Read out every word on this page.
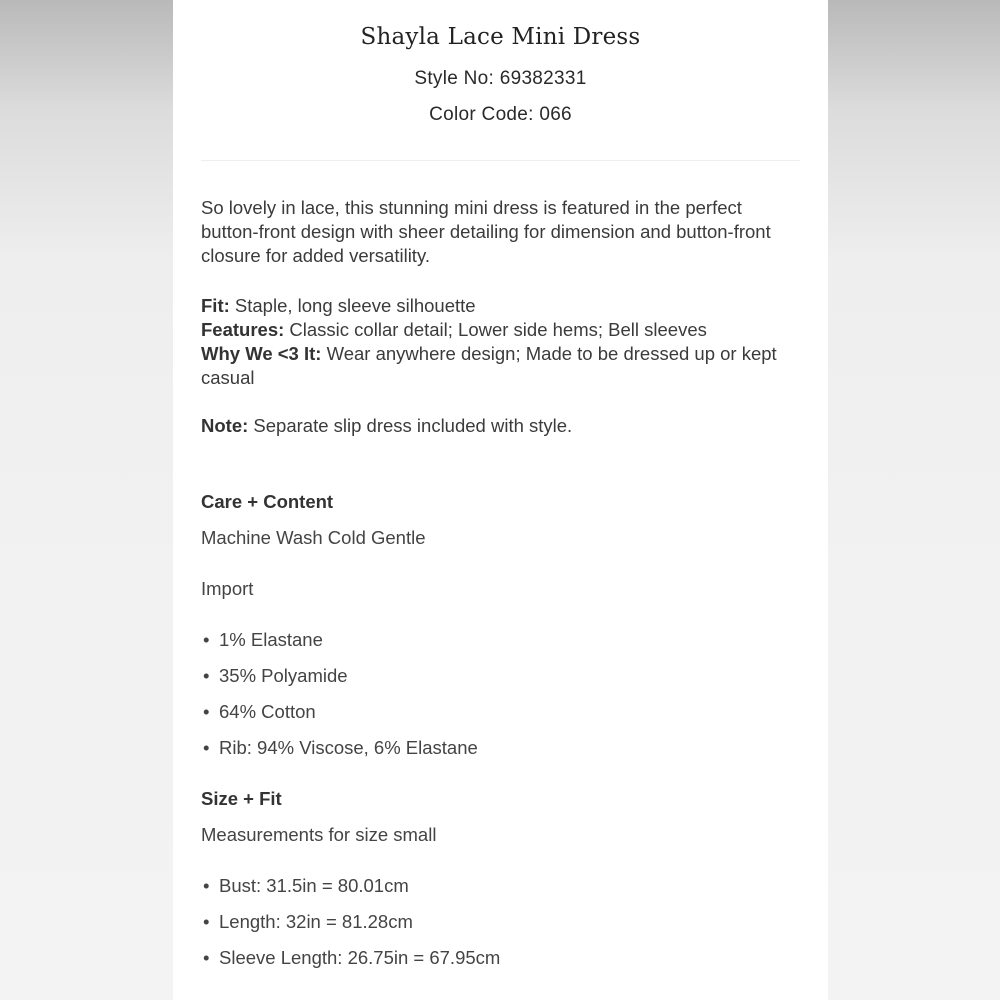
Shayla Lace Mini Dress
Style No: 69382331
Color Code: 066

So lovely in lace, this stunning mini dress is featured in the perfect button-front design with sheer detailing for dimension and button-front closure for added versatility.

Fit: Staple, long sleeve silhouette
Features: Classic collar detail; Lower side hems; Bell sleeves
Why We <3 It: Wear anywhere design; Made to be dressed up or kept casual

Note: Separate slip dress included with style.

Care + Content

Machine Wash Cold Gentle

Import

• 1% Elastane
• 35% Polyamide
• 64% Cotton
• Rib: 94% Viscose, 6% Elastane

Size + Fit

Measurements for size small

• Bust: 31.5in = 80.01cm
• Length: 32in = 81.28cm
• Sleeve Length: 26.75in = 67.95cm
